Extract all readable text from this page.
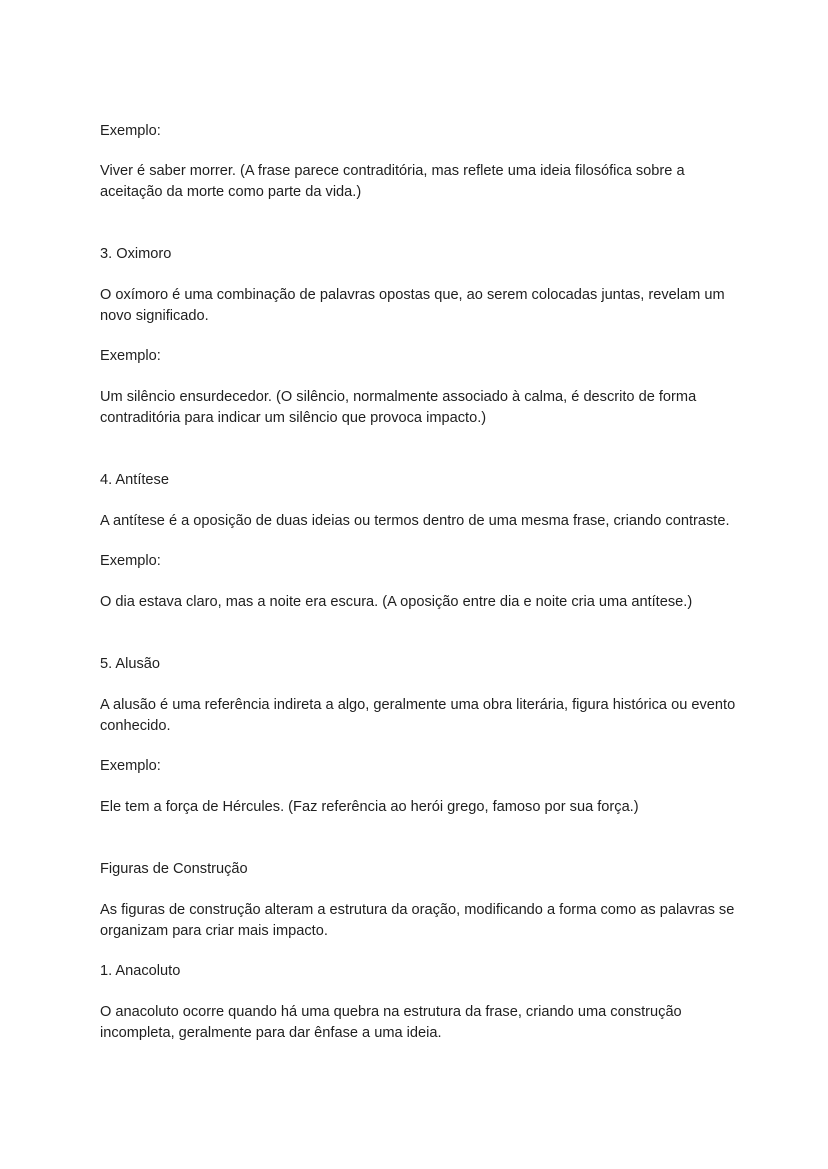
Exemplo:

Viver é saber morrer. (A frase parece contraditória, mas reflete uma ideia filosófica sobre a aceitação da morte como parte da vida.)

3. Oximoro

O oxímoro é uma combinação de palavras opostas que, ao serem colocadas juntas, revelam um novo significado.

Exemplo:

Um silêncio ensurdecedor. (O silêncio, normalmente associado à calma, é descrito de forma contraditória para indicar um silêncio que provoca impacto.)

4. Antítese

A antítese é a oposição de duas ideias ou termos dentro de uma mesma frase, criando contraste.

Exemplo:

O dia estava claro, mas a noite era escura. (A oposição entre dia e noite cria uma antítese.)

5. Alusão

A alusão é uma referência indireta a algo, geralmente uma obra literária, figura histórica ou evento conhecido.

Exemplo:

Ele tem a força de Hércules. (Faz referência ao herói grego, famoso por sua força.)

Figuras de Construção

As figuras de construção alteram a estrutura da oração, modificando a forma como as palavras se organizam para criar mais impacto.

1. Anacoluto

O anacoluto ocorre quando há uma quebra na estrutura da frase, criando uma construção incompleta, geralmente para dar ênfase a uma ideia.
